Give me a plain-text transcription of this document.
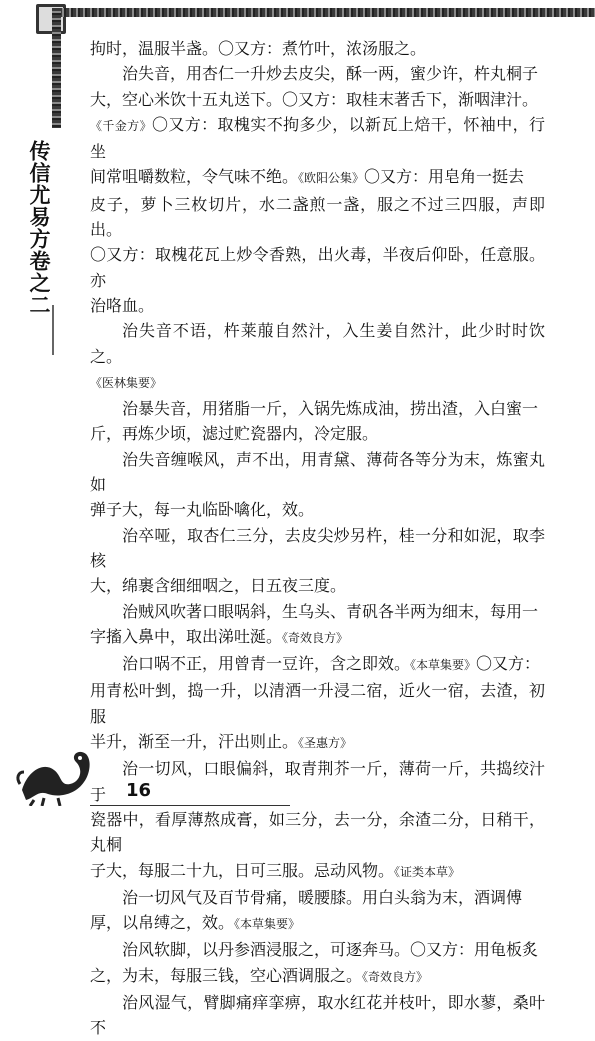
传信尤易方卷之二

拘时，温服半盏。〇又方：煮竹叶，浓汤服之。

治失音，用杏仁一升炒去皮尖，酥一两，蜜少许，杵丸桐子

大，空心米饮十五丸送下。〇又方：取桂末著舌下，渐咽津汁。

《千金方》〇又方：取槐实不拘多少，以新瓦上焙干，怀袖中，行坐

间常咀嚼数粒，令气味不绝。《欧阳公集》〇又方：用皂角一挺去

皮子，萝卜三枚切片，水二盏煎一盏，服之不过三四服，声即出。

〇又方：取槐花瓦上炒令香熟，出火毒，半夜后仰卧，任意服。亦

治咯血。

治失音不语，杵莱菔自然汁，入生姜自然汁，此少时时饮之。

《医林集要》

治暴失音，用猪脂一斤，入锅先炼成油，捞出渣，入白蜜一

斤，再炼少顷，滤过贮瓷器内，冷定服。

治失音缠喉风，声不出，用青黛、薄荷各等分为末，炼蜜丸如

弹子大，每一丸临卧噙化，效。

治卒哑，取杏仁三分，去皮尖炒另杵，桂一分和如泥，取李核

大，绵裹含细细咽之，日五夜三度。

治贼风吹著口眼㖞斜，生乌头、青矾各半两为细末，每用一

字搐入鼻中，取出涕吐涎。《奇效良方》

治口㖞不正，用曾青一豆许，含之即效。《本草集要》〇又方：

用青松叶剉，捣一升，以清酒一升浸二宿，近火一宿，去渣，初服

半升，渐至一升，汗出则止。《圣惠方》

治一切风，口眼偏斜，取青荆芥一斤，薄荷一斤，共捣绞汁于

瓷器中，看厚薄熬成膏，如三分，去一分，余渣二分，日稍干，丸桐

子大，每服二十九，日可三服。忌动风物。《证类本草》

治一切风气及百节骨痛，暖腰膝。用白头翁为末，酒调傅

厚，以帛缚之，效。《本草集要》

治风软脚，以丹参酒浸服之，可逐奔马。〇又方：用龟板炙

之，为末，每服三钱，空心酒调服之。《奇效良方》

治风湿气，臂脚痛痒挛痹，取水红花并枝叶，即水蓼，桑叶不

16
